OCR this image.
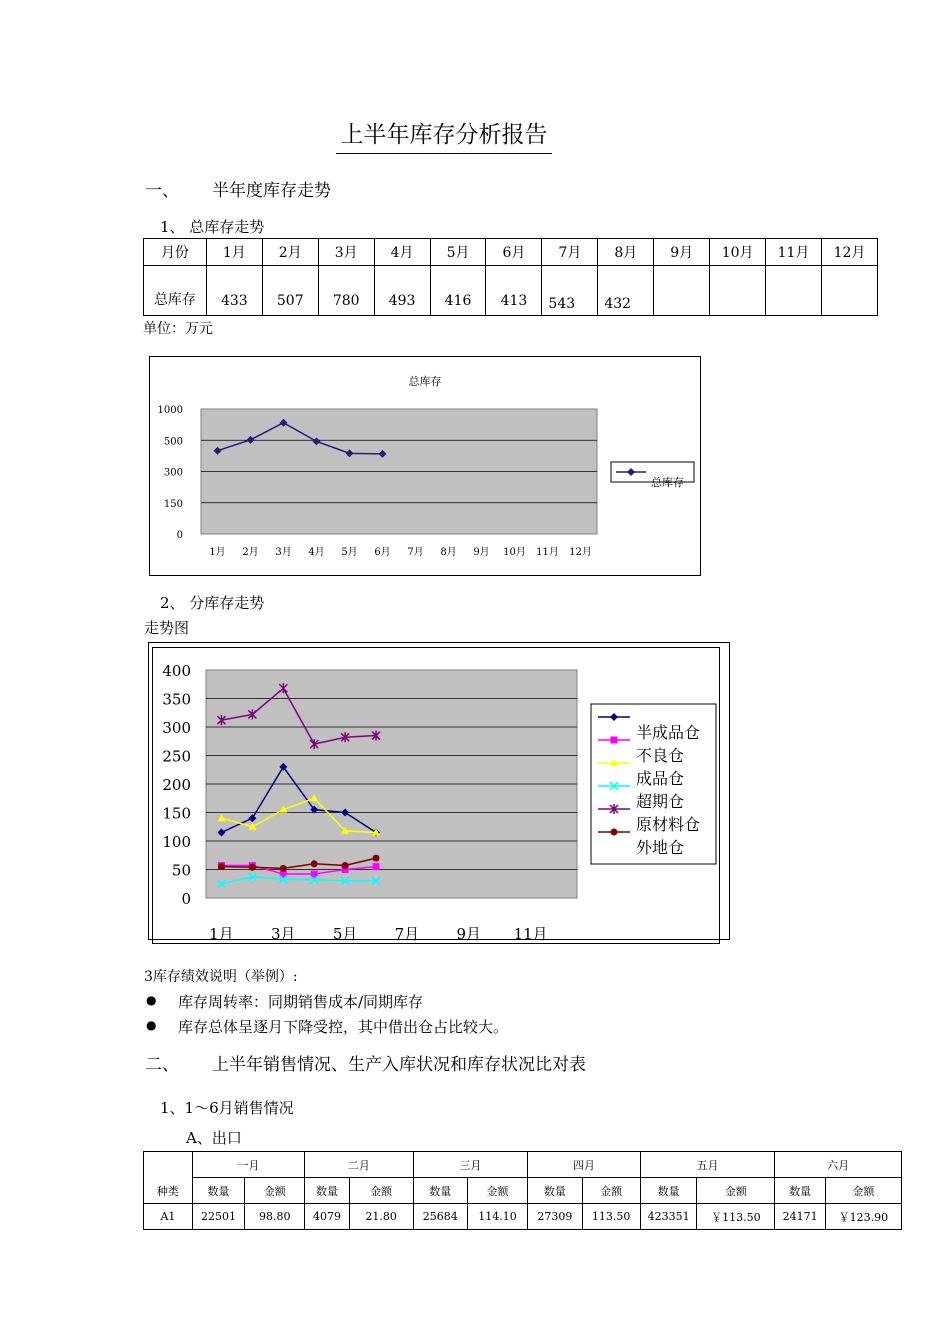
上半年库存分析报告
一、 半年度库存走势
1、 总库存走势
月份	1月	2月	3月	4月	5月	6月	7月	8月	9月	10月	11月	12月
总库存	433	507	780	493	416	413	543	432				
单位：万元
总库存
1000
500
300
150
0
1月 2月 3月 4月 5月 6月 7月 8月 9月 10月 11月 12月
总库存
2、 分库存走势
走势图
0
50
100
150
200
250
300
350
400
1月 3月 5月 7月 9月 11月
半成品仓
不良仓
成品仓
超期仓
原材料仓
外地仓
3库存绩效说明（举例）:
● 库存周转率：同期销售成本/同期库存
● 库存总体呈逐月下降受控，其中借出仓占比较大。
二、 上半年销售情况、生产入库状况和库存状况比对表
1、1～6月销售情况
A、出口
种类	一月		二月		三月		四月		五月		六月	
	数量	金额	数量	金额	数量	金额	数量	金额	数量	金额	数量	金额
A1	22501	98.80	4079	21.80	25684	114.10	27309	113.50	423351	￥113.50	24171	￥123.90
